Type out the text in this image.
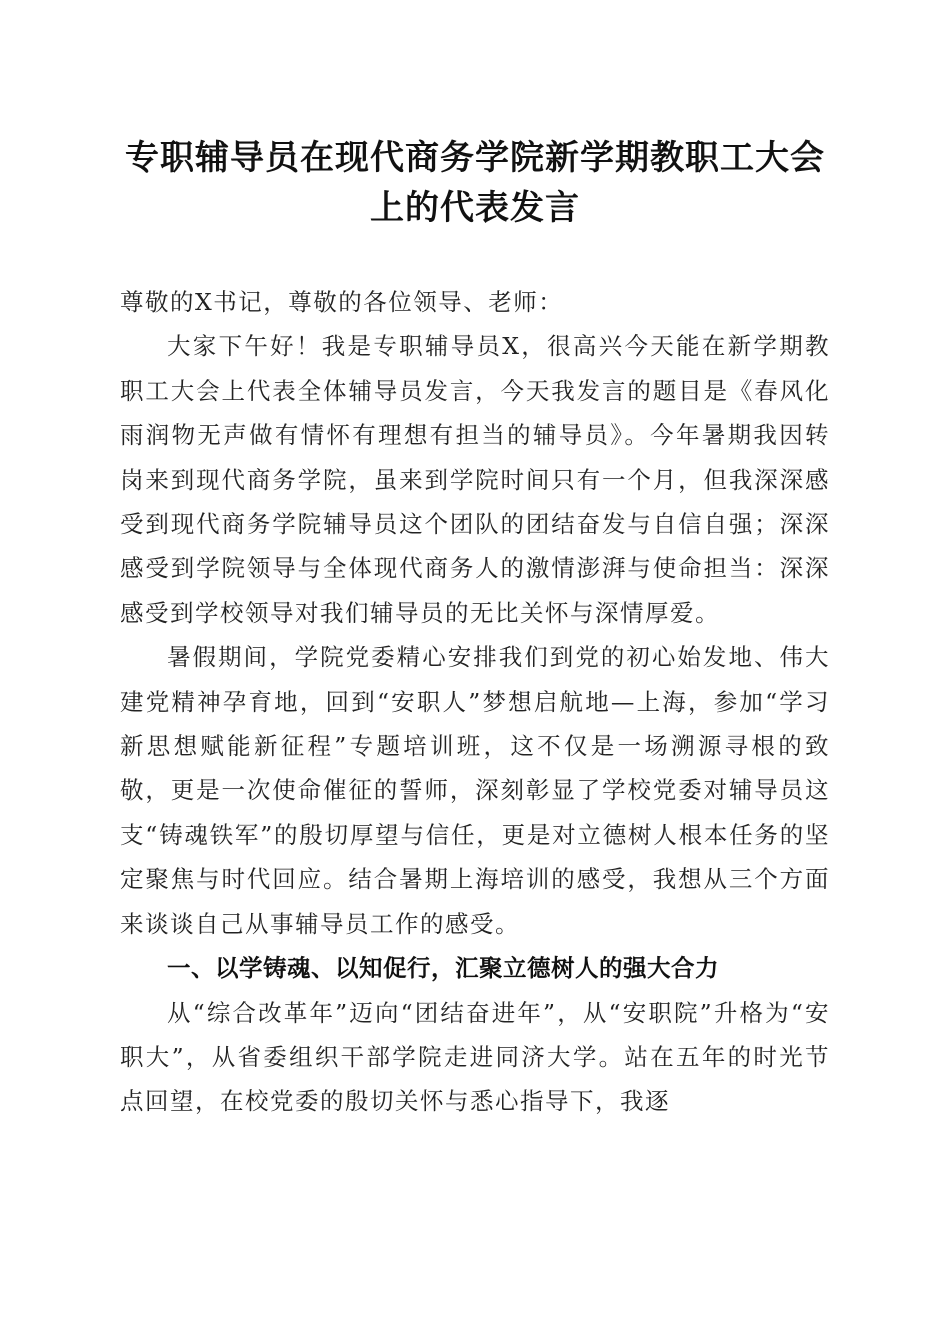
专职辅导员在现代商务学院新学期教职工大会
上的代表发言

尊敬的X书记，尊敬的各位领导、老师：

大家下午好！我是专职辅导员X，很高兴今天能在新学期教职工大会上代表全体辅导员发言，今天我发言的题目是《春风化雨润物无声做有情怀有理想有担当的辅导员》。今年暑期我因转岗来到现代商务学院，虽来到学院时间只有一个月，但我深深感受到现代商务学院辅导员这个团队的团结奋发与自信自强；深深感受到学院领导与全体现代商务人的激情澎湃与使命担当：深深感受到学校领导对我们辅导员的无比关怀与深情厚爱。

暑假期间，学院党委精心安排我们到党的初心始发地、伟大建党精神孕育地，回到“安职人”梦想启航地—上海，参加“学习新思想赋能新征程”专题培训班，这不仅是一场溯源寻根的致敬，更是一次使命催征的誓师，深刻彰显了学校党委对辅导员这支“铸魂铁军”的殷切厚望与信任，更是对立德树人根本任务的坚定聚焦与时代回应。结合暑期上海培训的感受，我想从三个方面来谈谈自己从事辅导员工作的感受。

一、以学铸魂、以知促行，汇聚立德树人的强大合力

从“综合改革年”迈向“团结奋进年”，从“安职院”升格为“安职大”，从省委组织干部学院走进同济大学。站在五年的时光节点回望，在校党委的殷切关怀与悉心指导下，我逐
